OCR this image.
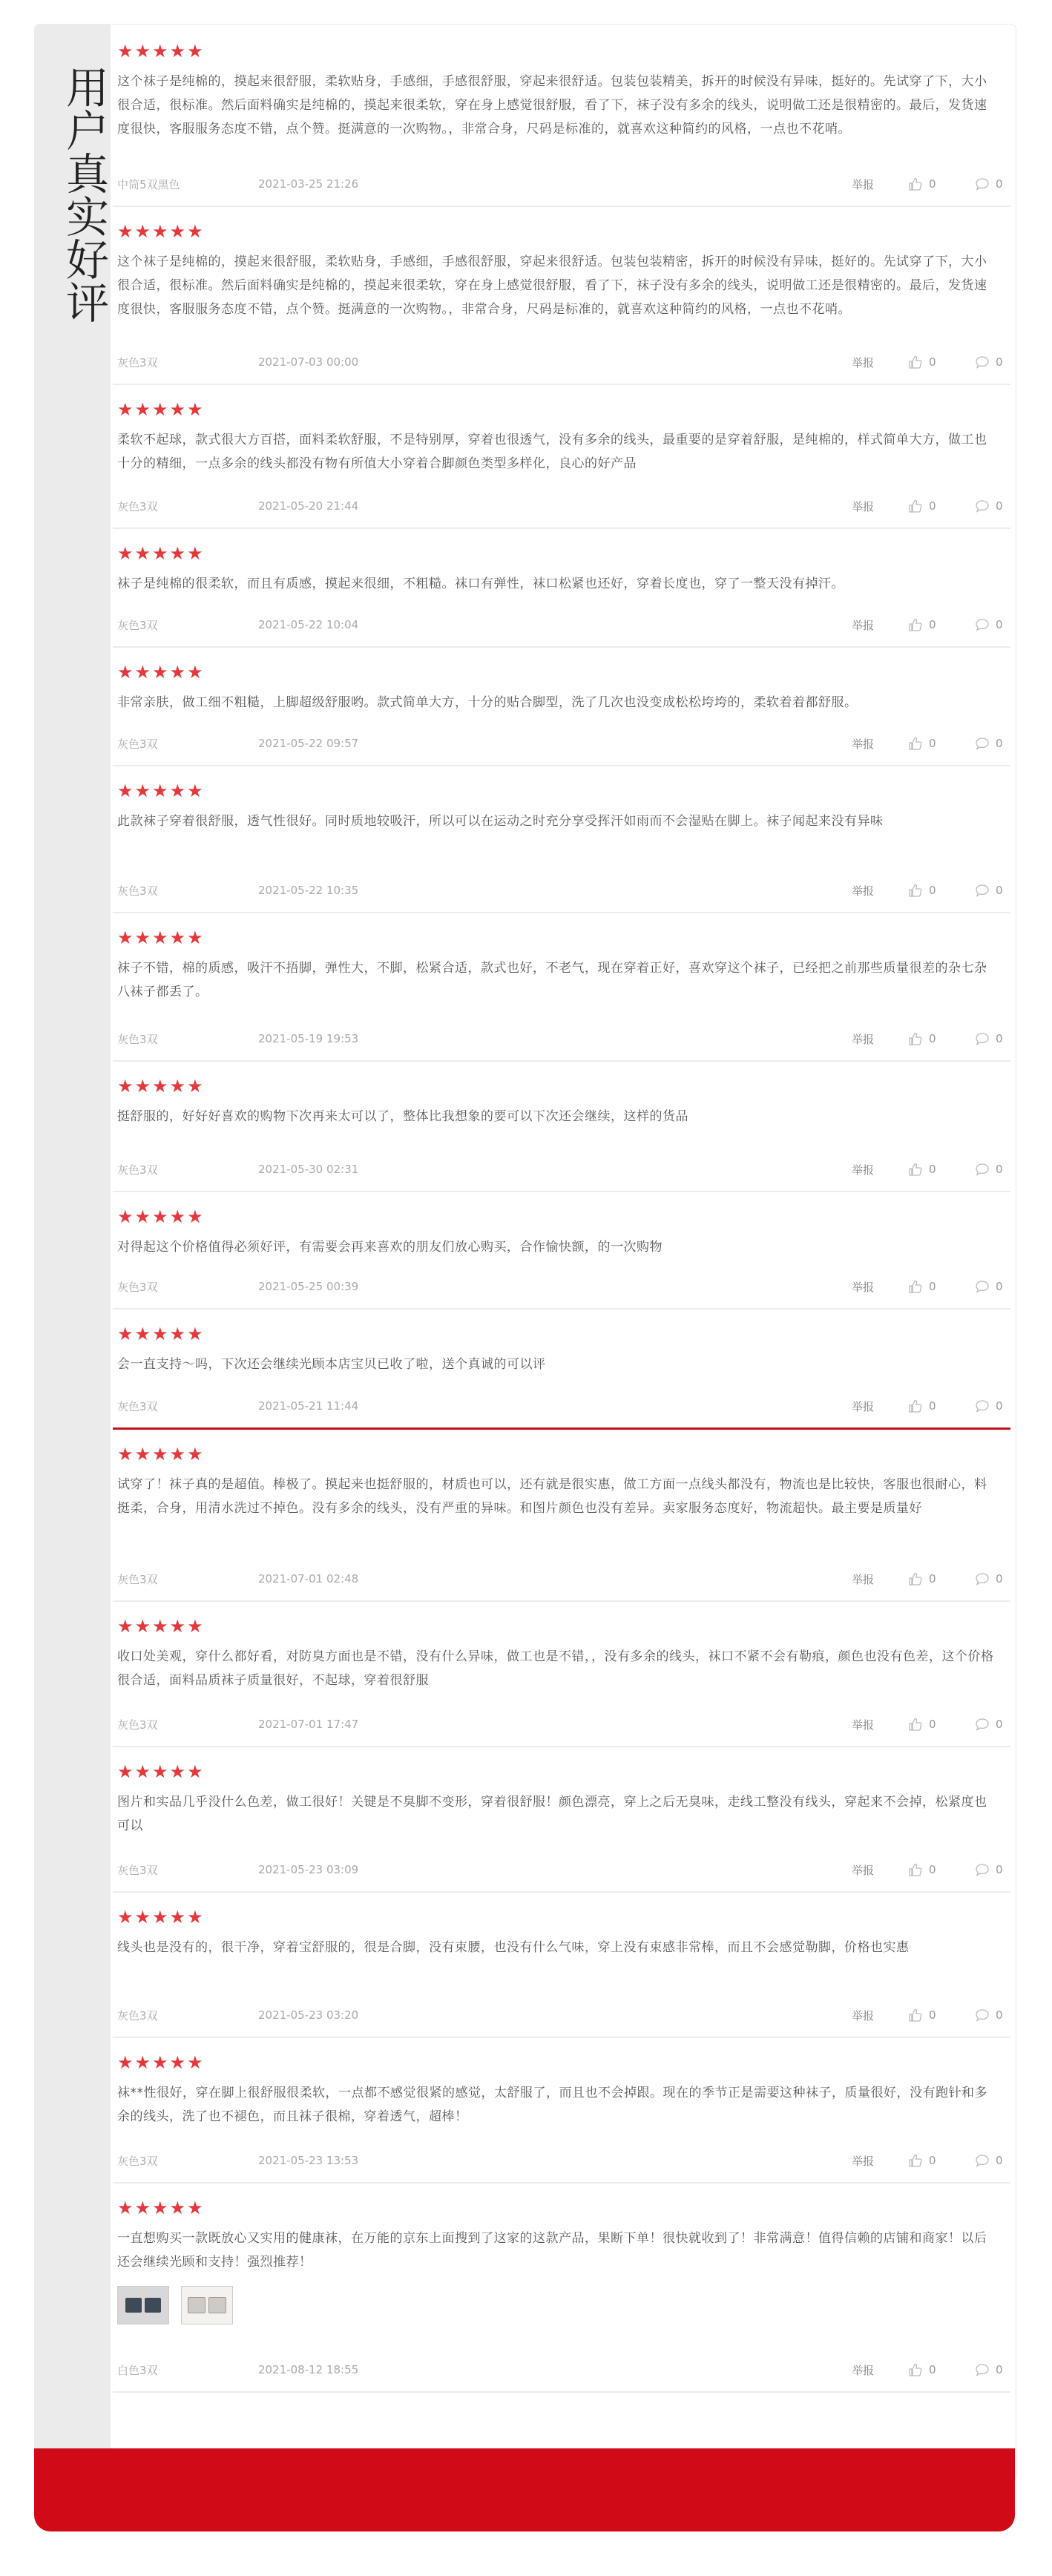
用户真实好评
★ ★ ★ ★ ★
这个袜子是纯棉的，摸起来很舒服，柔软贴身，手感细，手感很舒服，穿起来很舒适。包装包装精美，拆开的时候没有异味，挺好的。先试穿了下，大小很合适，很标准。然后面料确实是纯棉的，摸起来很柔软，穿在身上感觉很舒服，看了下，袜子没有多余的线头，说明做工还是很精密的。最后，发货速度很快，客服服务态度不错，点个赞。挺满意的一次购物。，非常合身，尺码是标准的，就喜欢这种简约的风格，一点也不花哨。
中筒5双黑色	2021-03-25 21:26	举报	0	0
★ ★ ★ ★ ★
这个袜子是纯棉的，摸起来很舒服，柔软贴身，手感细，手感很舒服，穿起来很舒适。包装包装精密，拆开的时候没有异味，挺好的。先试穿了下，大小很合适，很标准。然后面料确实是纯棉的，摸起来很柔软，穿在身上感觉很舒服，看了下，袜子没有多余的线头，说明做工还是很精密的。最后，发货速度很快，客服服务态度不错，点个赞。挺满意的一次购物。，非常合身，尺码是标准的，就喜欢这种简约的风格，一点也不花哨。
灰色3双	2021-07-03 00:00	举报	0	0
★ ★ ★ ★ ★
柔软不起球，款式很大方百搭，面料柔软舒服，不是特别厚，穿着也很透气，没有多余的线头，最重要的是穿着舒服，是纯棉的，样式简单大方，做工也十分的精细，一点多余的线头都没有物有所值大小穿着合脚颜色类型多样化，良心的好产品
灰色3双	2021-05-20 21:44	举报	0	0
★ ★ ★ ★ ★
袜子是纯棉的很柔软，而且有质感，摸起来很细，不粗糙。袜口有弹性，袜口松紧也还好，穿着长度也，穿了一整天没有掉汗。
灰色3双	2021-05-22 10:04	举报	0	0
★ ★ ★ ★ ★
非常亲肤，做工细不粗糙，上脚超级舒服哟。款式简单大方，十分的贴合脚型，洗了几次也没变成松松垮垮的，柔软着着都舒服。
灰色3双	2021-05-22 09:57	举报	0	0
★ ★ ★ ★ ★
此款袜子穿着很舒服，透气性很好。同时质地较吸汗，所以可以在运动之时充分享受挥汗如雨而不会湿贴在脚上。袜子闻起来没有异味
灰色3双	2021-05-22 10:35	举报	0	0
★ ★ ★ ★ ★
袜子不错，棉的质感，吸汗不捂脚，弹性大，不脚，松紧合适，款式也好，不老气，现在穿着正好，喜欢穿这个袜子，已经把之前那些质量很差的杂七杂八袜子都丢了。
灰色3双	2021-05-19 19:53	举报	0	0
★ ★ ★ ★ ★
挺舒服的，好好好喜欢的购物下次再来太可以了，整体比我想象的要可以下次还会继续，这样的货品
灰色3双	2021-05-30 02:31	举报	0	0
★ ★ ★ ★ ★
对得起这个价格值得必须好评，有需要会再来喜欢的朋友们放心购买，合作愉快额，的一次购物
灰色3双	2021-05-25 00:39	举报	0	0
★ ★ ★ ★ ★
会一直支持～吗，下次还会继续光顾本店宝贝已收了啦，送个真诚的可以评
灰色3双	2021-05-21 11:44	举报	0	0
★ ★ ★ ★ ★
试穿了！袜子真的是超值。棒极了。摸起来也挺舒服的，材质也可以，还有就是很实惠，做工方面一点线头都没有，物流也是比较快，客服也很耐心，料挺柔，合身，用清水洗过不掉色。没有多余的线头，没有严重的异味。和图片颜色也没有差异。卖家服务态度好，物流超快。最主要是质量好
灰色3双	2021-07-01 02:48	举报	0	0
★ ★ ★ ★ ★
收口处美观，穿什么都好看，对防臭方面也是不错，没有什么异味，做工也是不错，，没有多余的线头，袜口不紧不会有勒痕，颜色也没有色差，这个价格很合适，面料品质袜子质量很好，不起球，穿着很舒服
灰色3双	2021-07-01 17:47	举报	0	0
★ ★ ★ ★ ★
图片和实品几乎没什么色差，做工很好！关键是不臭脚不变形，穿着很舒服！颜色漂亮，穿上之后无臭味，走线工整没有线头，穿起来不会掉，松紧度也可以
灰色3双	2021-05-23 03:09	举报	0	0
★ ★ ★ ★ ★
线头也是没有的，很干净，穿着宝舒服的，很是合脚，没有束腰，也没有什么气味，穿上没有束感非常棒，而且不会感觉勒脚，价格也实惠
灰色3双	2021-05-23 03:20	举报	0	0
★ ★ ★ ★ ★
袜**性很好，穿在脚上很舒服很柔软，一点都不感觉很紧的感觉，太舒服了，而且也不会掉跟。现在的季节正是需要这种袜子，质量很好，没有跑针和多余的线头，洗了也不褪色，而且袜子很棉，穿着透气，超棒！
灰色3双	2021-05-23 13:53	举报	0	0
★ ★ ★ ★ ★
一直想购买一款既放心又实用的健康袜，在万能的京东上面搜到了这家的这款产品，果断下单！很快就收到了！非常满意！值得信赖的店铺和商家！以后还会继续光顾和支持！强烈推荐！
白色3双	2021-08-12 18:55	举报	0	0
